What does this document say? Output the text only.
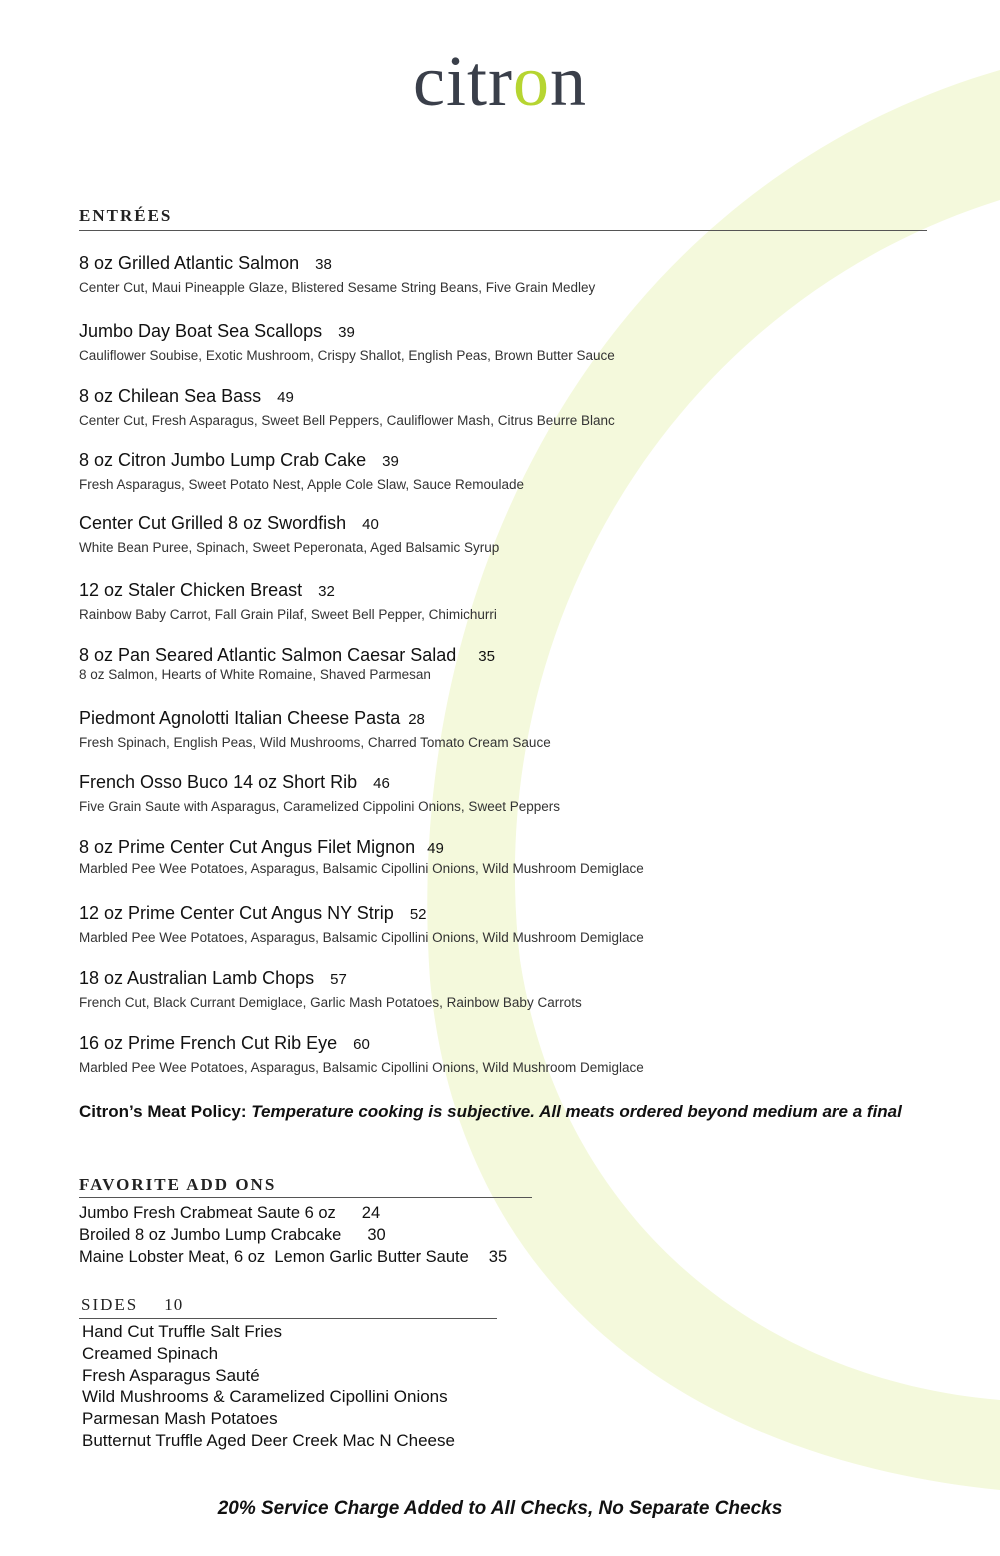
citron
ENTRÉES
8 oz Grilled Atlantic Salmon 38
Center Cut, Maui Pineapple Glaze, Blistered Sesame String Beans, Five Grain Medley
Jumbo Day Boat Sea Scallops 39
Cauliflower Soubise, Exotic Mushroom, Crispy Shallot, English Peas, Brown Butter Sauce
8 oz Chilean Sea Bass 49
Center Cut, Fresh Asparagus, Sweet Bell Peppers, Cauliflower Mash, Citrus Beurre Blanc
8 oz Citron Jumbo Lump Crab Cake 39
Fresh Asparagus, Sweet Potato Nest, Apple Cole Slaw, Sauce Remoulade
Center Cut Grilled 8 oz Swordfish 40
White Bean Puree, Spinach, Sweet Peperonata, Aged Balsamic Syrup
12 oz Staler Chicken Breast 32
Rainbow Baby Carrot, Fall Grain Pilaf, Sweet Bell Pepper, Chimichurri
8 oz Pan Seared Atlantic Salmon Caesar Salad 35
8 oz Salmon, Hearts of White Romaine, Shaved Parmesan
Piedmont Agnolotti Italian Cheese Pasta 28
Fresh Spinach, English Peas, Wild Mushrooms, Charred Tomato Cream Sauce
French Osso Buco 14 oz Short Rib 46
Five Grain Saute with Asparagus, Caramelized Cippolini Onions, Sweet Peppers
8 oz Prime Center Cut Angus Filet Mignon 49
Marbled Pee Wee Potatoes, Asparagus, Balsamic Cipollini Onions, Wild Mushroom Demiglace
12 oz Prime Center Cut Angus NY Strip 52
Marbled Pee Wee Potatoes, Asparagus, Balsamic Cipollini Onions, Wild Mushroom Demiglace
18 oz Australian Lamb Chops 57
French Cut, Black Currant Demiglace, Garlic Mash Potatoes, Rainbow Baby Carrots
16 oz Prime French Cut Rib Eye 60
Marbled Pee Wee Potatoes, Asparagus, Balsamic Cipollini Onions, Wild Mushroom Demiglace
Citron’s Meat Policy: Temperature cooking is subjective. All meats ordered beyond medium are a final
FAVORITE ADD ONS
Jumbo Fresh Crabmeat Saute 6 oz 24
Broiled 8 oz Jumbo Lump Crabcake 30
Maine Lobster Meat, 6 oz  Lemon Garlic Butter Saute 35
SIDES 10
Hand Cut Truffle Salt Fries
Creamed Spinach
Fresh Asparagus Sauté
Wild Mushrooms & Caramelized Cipollini Onions
Parmesan Mash Potatoes
Butternut Truffle Aged Deer Creek Mac N Cheese
20% Service Charge Added to All Checks, No Separate Checks
